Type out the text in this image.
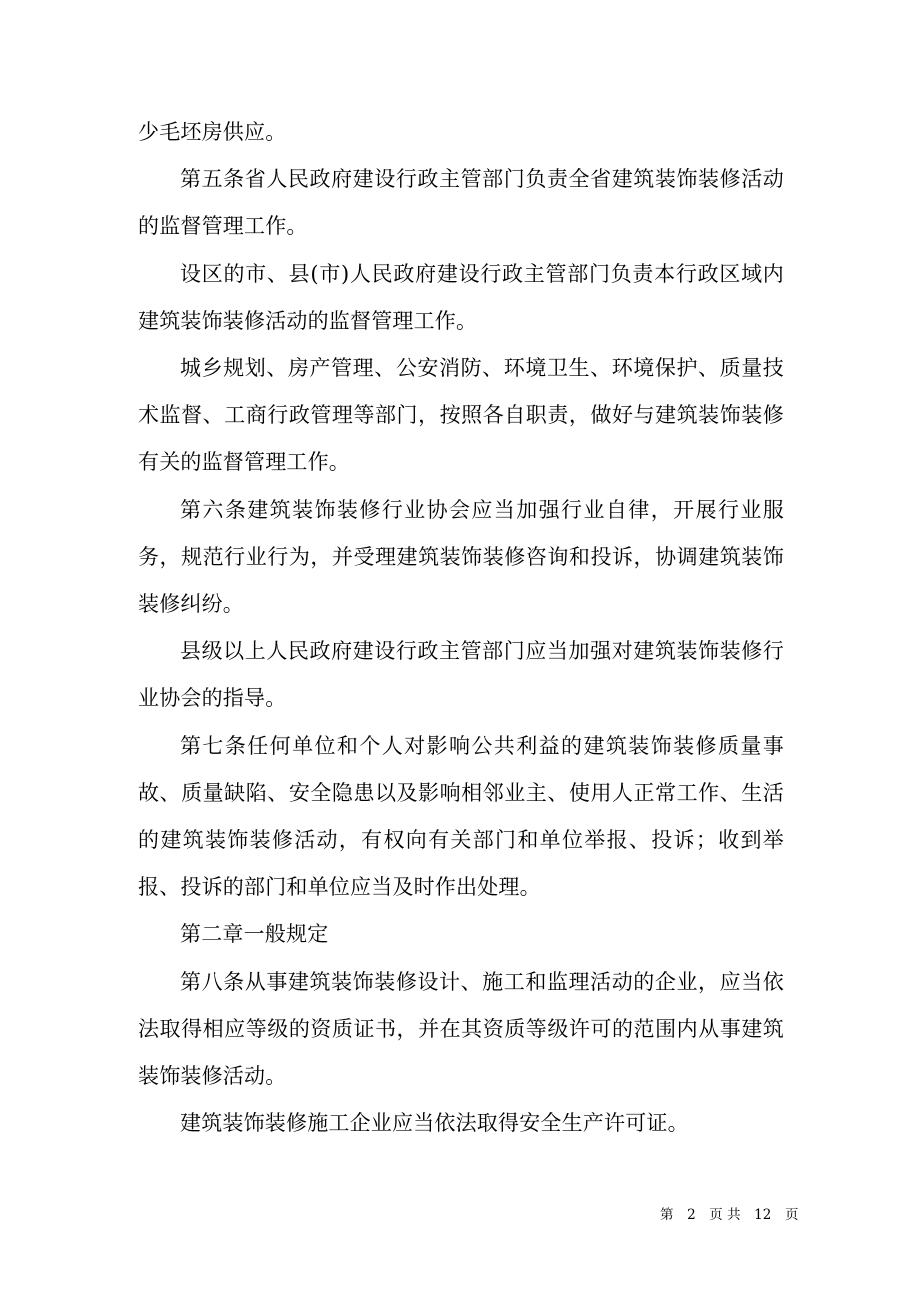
少毛坯房供应。

第五条省人民政府建设行政主管部门负责全省建筑装饰装修活动的监督管理工作。

设区的市、县(市)人民政府建设行政主管部门负责本行政区域内建筑装饰装修活动的监督管理工作。

城乡规划、房产管理、公安消防、环境卫生、环境保护、质量技术监督、工商行政管理等部门，按照各自职责，做好与建筑装饰装修有关的监督管理工作。

第六条建筑装饰装修行业协会应当加强行业自律，开展行业服务，规范行业行为，并受理建筑装饰装修咨询和投诉，协调建筑装饰装修纠纷。

县级以上人民政府建设行政主管部门应当加强对建筑装饰装修行业协会的指导。

第七条任何单位和个人对影响公共利益的建筑装饰装修质量事故、质量缺陷、安全隐患以及影响相邻业主、使用人正常工作、生活的建筑装饰装修活动，有权向有关部门和单位举报、投诉；收到举报、投诉的部门和单位应当及时作出处理。

第二章一般规定

第八条从事建筑装饰装修设计、施工和监理活动的企业，应当依法取得相应等级的资质证书，并在其资质等级许可的范围内从事建筑装饰装修活动。

建筑装饰装修施工企业应当依法取得安全生产许可证。

第 2 页 共 12 页
